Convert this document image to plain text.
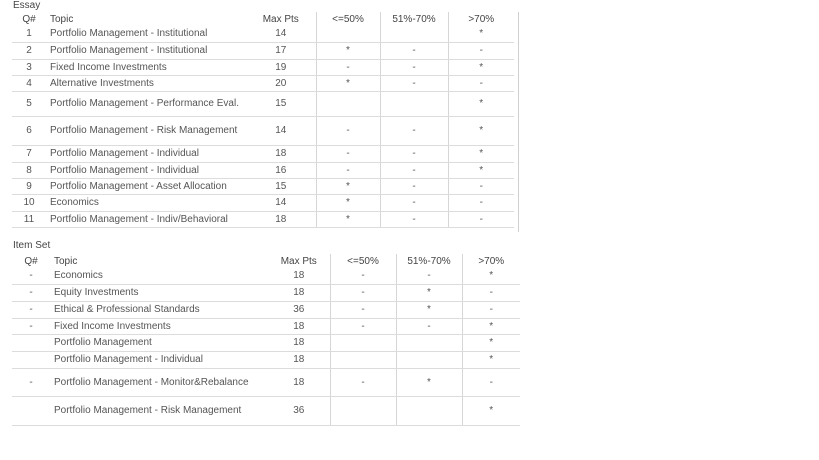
Essay
Q#	Topic	Max Pts	<=50%	51%-70%	>70%
1	Portfolio Management - Institutional	14			*
2	Portfolio Management - Institutional	17	*	-	-
3	Fixed Income Investments	19	-	-	*
4	Alternative Investments	20	*	-	-
5	Portfolio Management - Performance Eval.	15			*
6	Portfolio Management - Risk Management	14	-	-	*
7	Portfolio Management - Individual	18	-	-	*
8	Portfolio Management - Individual	16	-	-	*
9	Portfolio Management - Asset Allocation	15	*	-	-
10	Economics	14	*	-	-
11	Portfolio Management - Indiv/Behavioral	18	*	-	-
Item Set
Q#	Topic	Max Pts	<=50%	51%-70%	>70%
-	Economics	18	-	-	*
-	Equity Investments	18	-	*	-
-	Ethical & Professional Standards	36	-	*	-
-	Fixed Income Investments	18	-	-	*
	Portfolio Management	18			*
	Portfolio Management - Individual	18			*
-	Portfolio Management - Monitor&Rebalance	18	-	*	-
	Portfolio Management - Risk Management	36			*
